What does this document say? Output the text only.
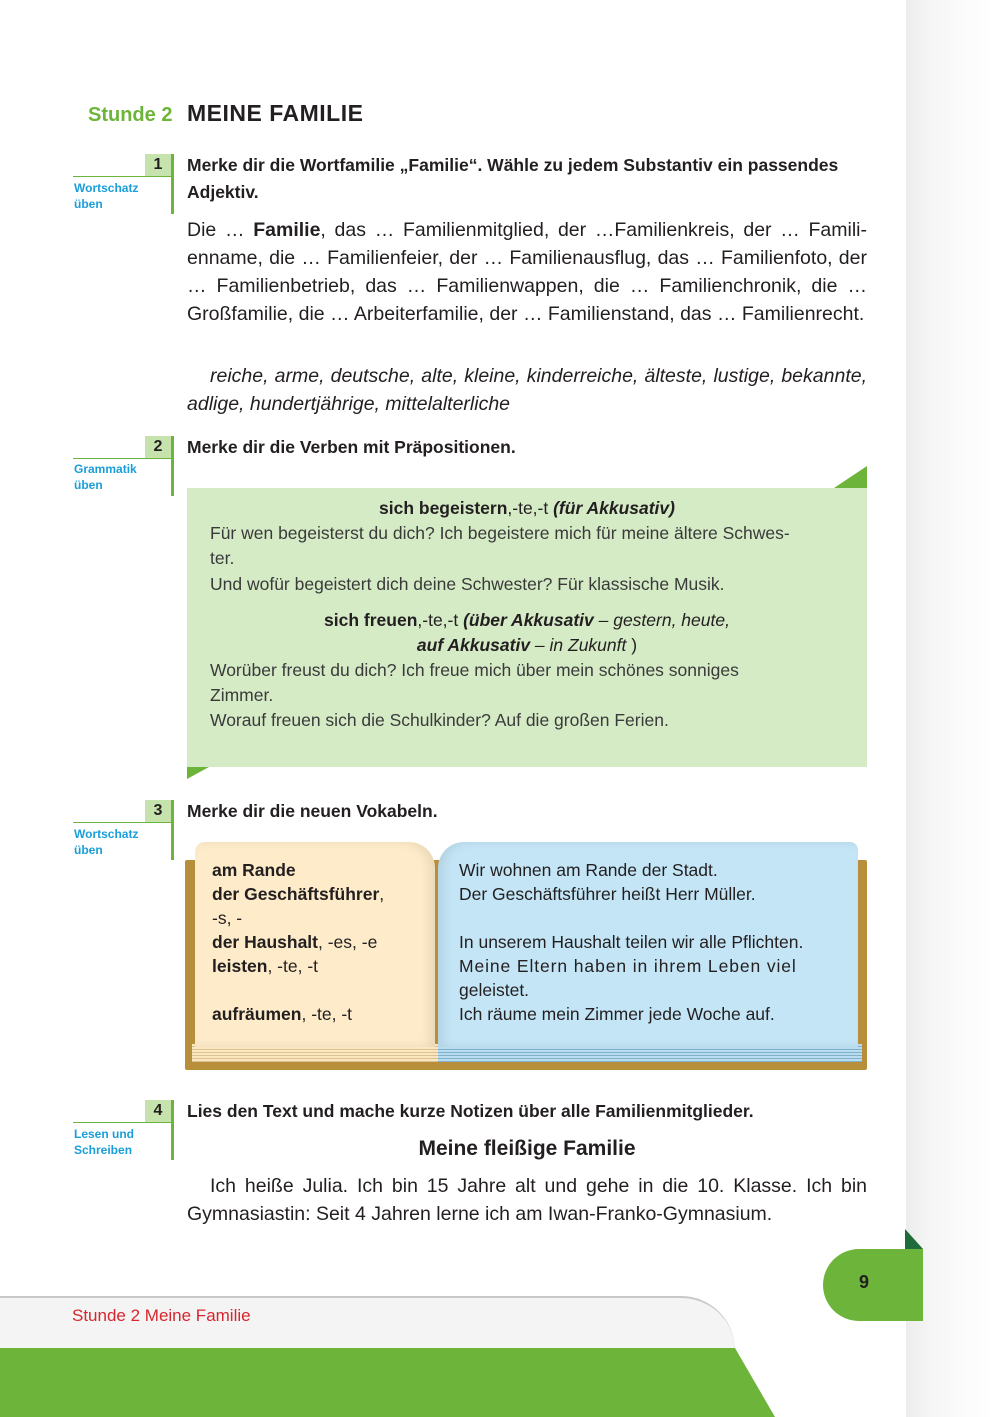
Stunde 2 MEINE FAMILIE
1
Wortschatz
üben
Merke dir die Wortfamilie „Familie“. Wähle zu jedem Substantiv ein passendes Adjektiv.
Die … Familie, das … Familienmitglied, der …Familienkreis, der … Familienname, die … Familienfeier, der … Familienausflug, das … Familienfoto, der … Familienbetrieb, das … Familienwappen, die … Familienchronik, die … Großfamilie, die … Arbeiterfamilie, der … Familienstand, das … Familienrecht.
reiche, arme, deutsche, alte, kleine, kinderreiche, älteste, lustige, bekannte, adlige, hundertjährige, mittelalterliche
2
Grammatik
üben
Merke dir die Verben mit Präpositionen.
sich begeistern,-te,-t (für Akkusativ)
Für wen begeisterst du dich? Ich begeistere mich für meine ältere Schwes-
ter.
Und wofür begeistert dich deine Schwester? Für klassische Musik.
sich freuen,-te,-t (über Akkusativ – gestern, heute,
auf Akkusativ – in Zukunft )
Worüber freust du dich? Ich freue mich über mein schönes sonniges
Zimmer.
Worauf freuen sich die Schulkinder? Auf die großen Ferien.
3
Wortschatz
üben
Merke dir die neuen Vokabeln.
am Rande
der Geschäftsführer,
-s, -
der Haushalt, -es, -e
leisten, -te, -t
aufräumen, -te, -t
Wir wohnen am Rande der Stadt.
Der Geschäftsführer heißt Herr Müller.
In unserem Haushalt teilen wir alle Pflichten.
Meine Eltern haben in ihrem Leben viel
geleistet.
Ich räume mein Zimmer jede Woche auf.
4
Lesen und
Schreiben
Lies den Text und mache kurze Notizen über alle Familienmitglieder.
Meine fleißige Familie
Ich heiße Julia. Ich bin 15 Jahre alt und gehe in die 10. Klasse. Ich bin Gymnasiastin: Seit 4 Jahren lerne ich am Iwan-Franko-Gymnasium.
9
Stunde 2 Meine Familie
